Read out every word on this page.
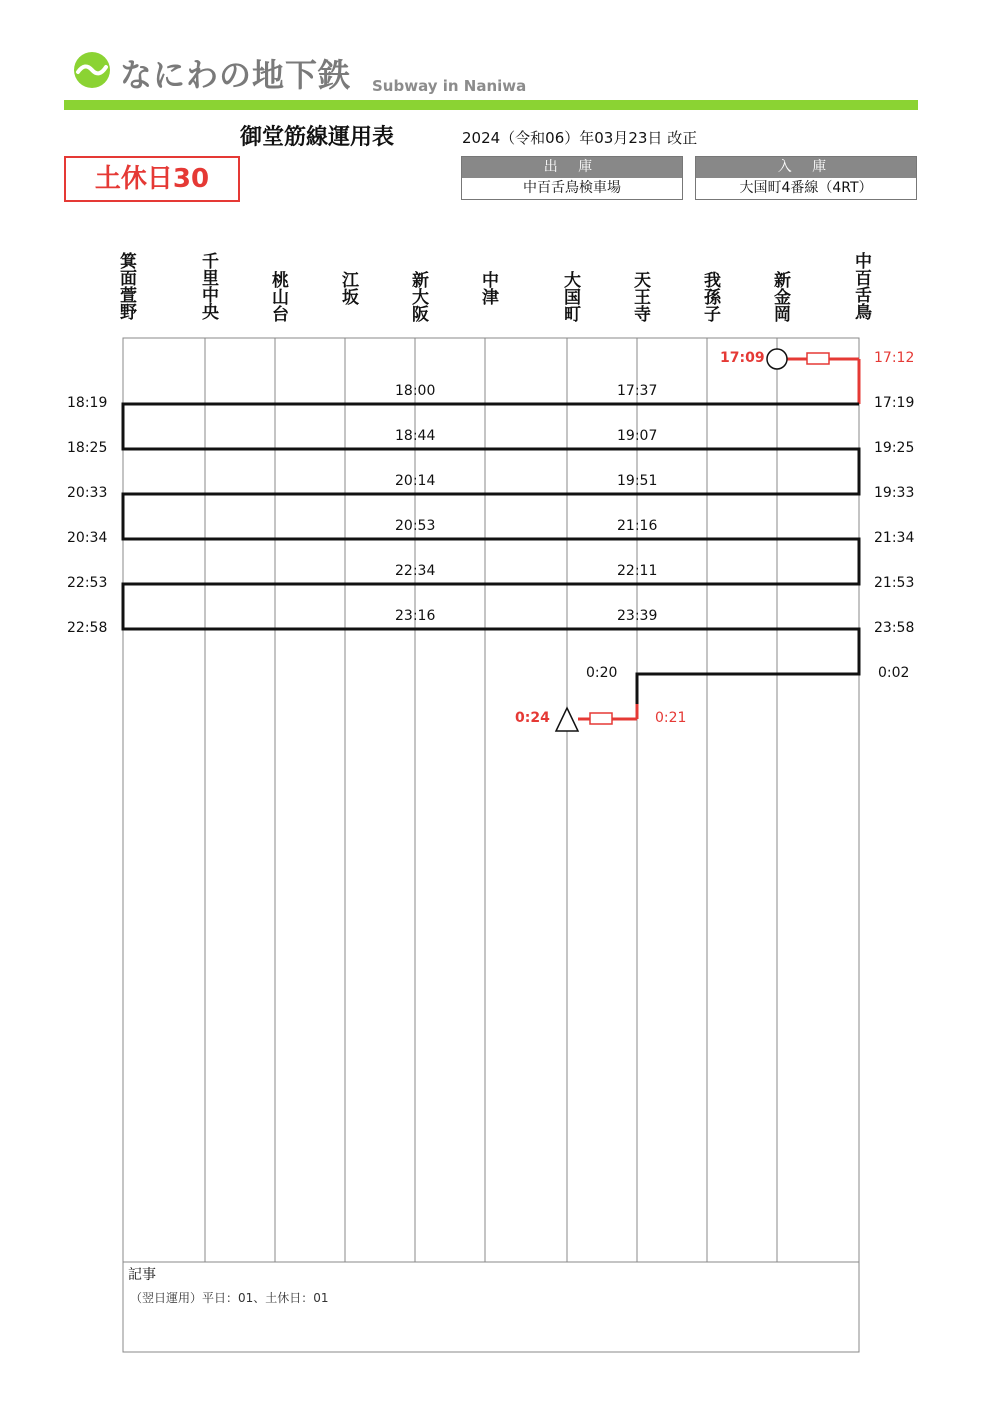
なにわの地下鉄 Subway in Naniwa
御堂筋線運用表	2024（令和06）年03月23日 改正
土休日30	出 庫
中百舌鳥検車場
入 庫
大国町4番線（4RT）
箕面萱野	千里中央	桃山台	江坂	新大阪	中津	大国町	天王寺	我孫子	新金岡	中百舌鳥
17:09	17:12
17:19
17:37
18:00
18:19
18:25
18:44	19:07
19:25
19:33
19:51
20:14
20:33
20:34
20:53	21:16
21:34
21:53
22:11
22:34
22:53
22:58
23:16	23:39
23:58
0:02
0:20
0:21
0:24
記事
（翌日運用）平日：01、土休日：01
